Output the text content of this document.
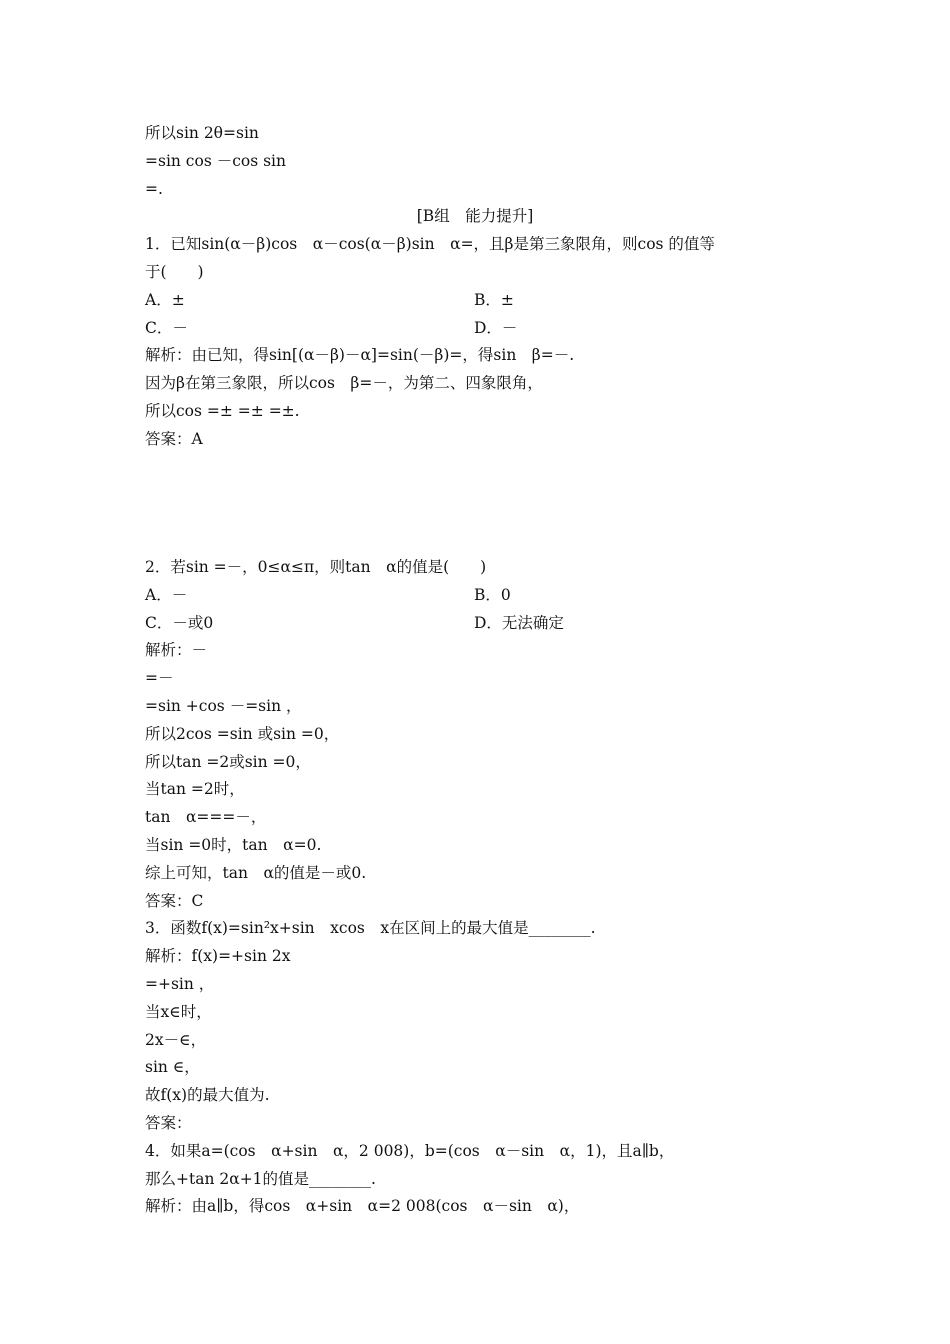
所以sin 2θ=sin
=sin cos －cos sin
=.
[B组　能力提升]
1．已知sin(α－β)cos　α－cos(α－β)sin　α=，且β是第三象限角，则cos 的值等
于(　　)
A．±	B．±
C．－	D．－
解析：由已知，得sin[(α－β)－α]=sin(－β)=，得sin　β=－.
因为β在第三象限，所以cos　β=－，为第二、四象限角，
所以cos =± =± =±.
答案：A
2．若sin =－，0≤α≤π，则tan　α的值是(　　)
A．－	B．0
C．－或0	D．无法确定
解析：－
=－
=sin +cos －=sin ，
所以2cos =sin 或sin =0，
所以tan =2或sin =0，
当tan =2时，
tan　α===－，
当sin =0时，tan　α=0.
综上可知，tan　α的值是－或0.
答案：C
3．函数f(x)=sin²x+sin　xcos　x在区间上的最大值是________.
解析：f(x)=+sin 2x
=+sin ，
当x∈时，
2x－∈，
sin ∈，
故f(x)的最大值为.
答案：
4．如果a=(cos　α+sin　α，2 008)，b=(cos　α－sin　α，1)，且a∥b，
那么+tan 2α+1的值是________.
解析：由a∥b，得cos　α+sin　α=2 008(cos　α－sin　α)，
